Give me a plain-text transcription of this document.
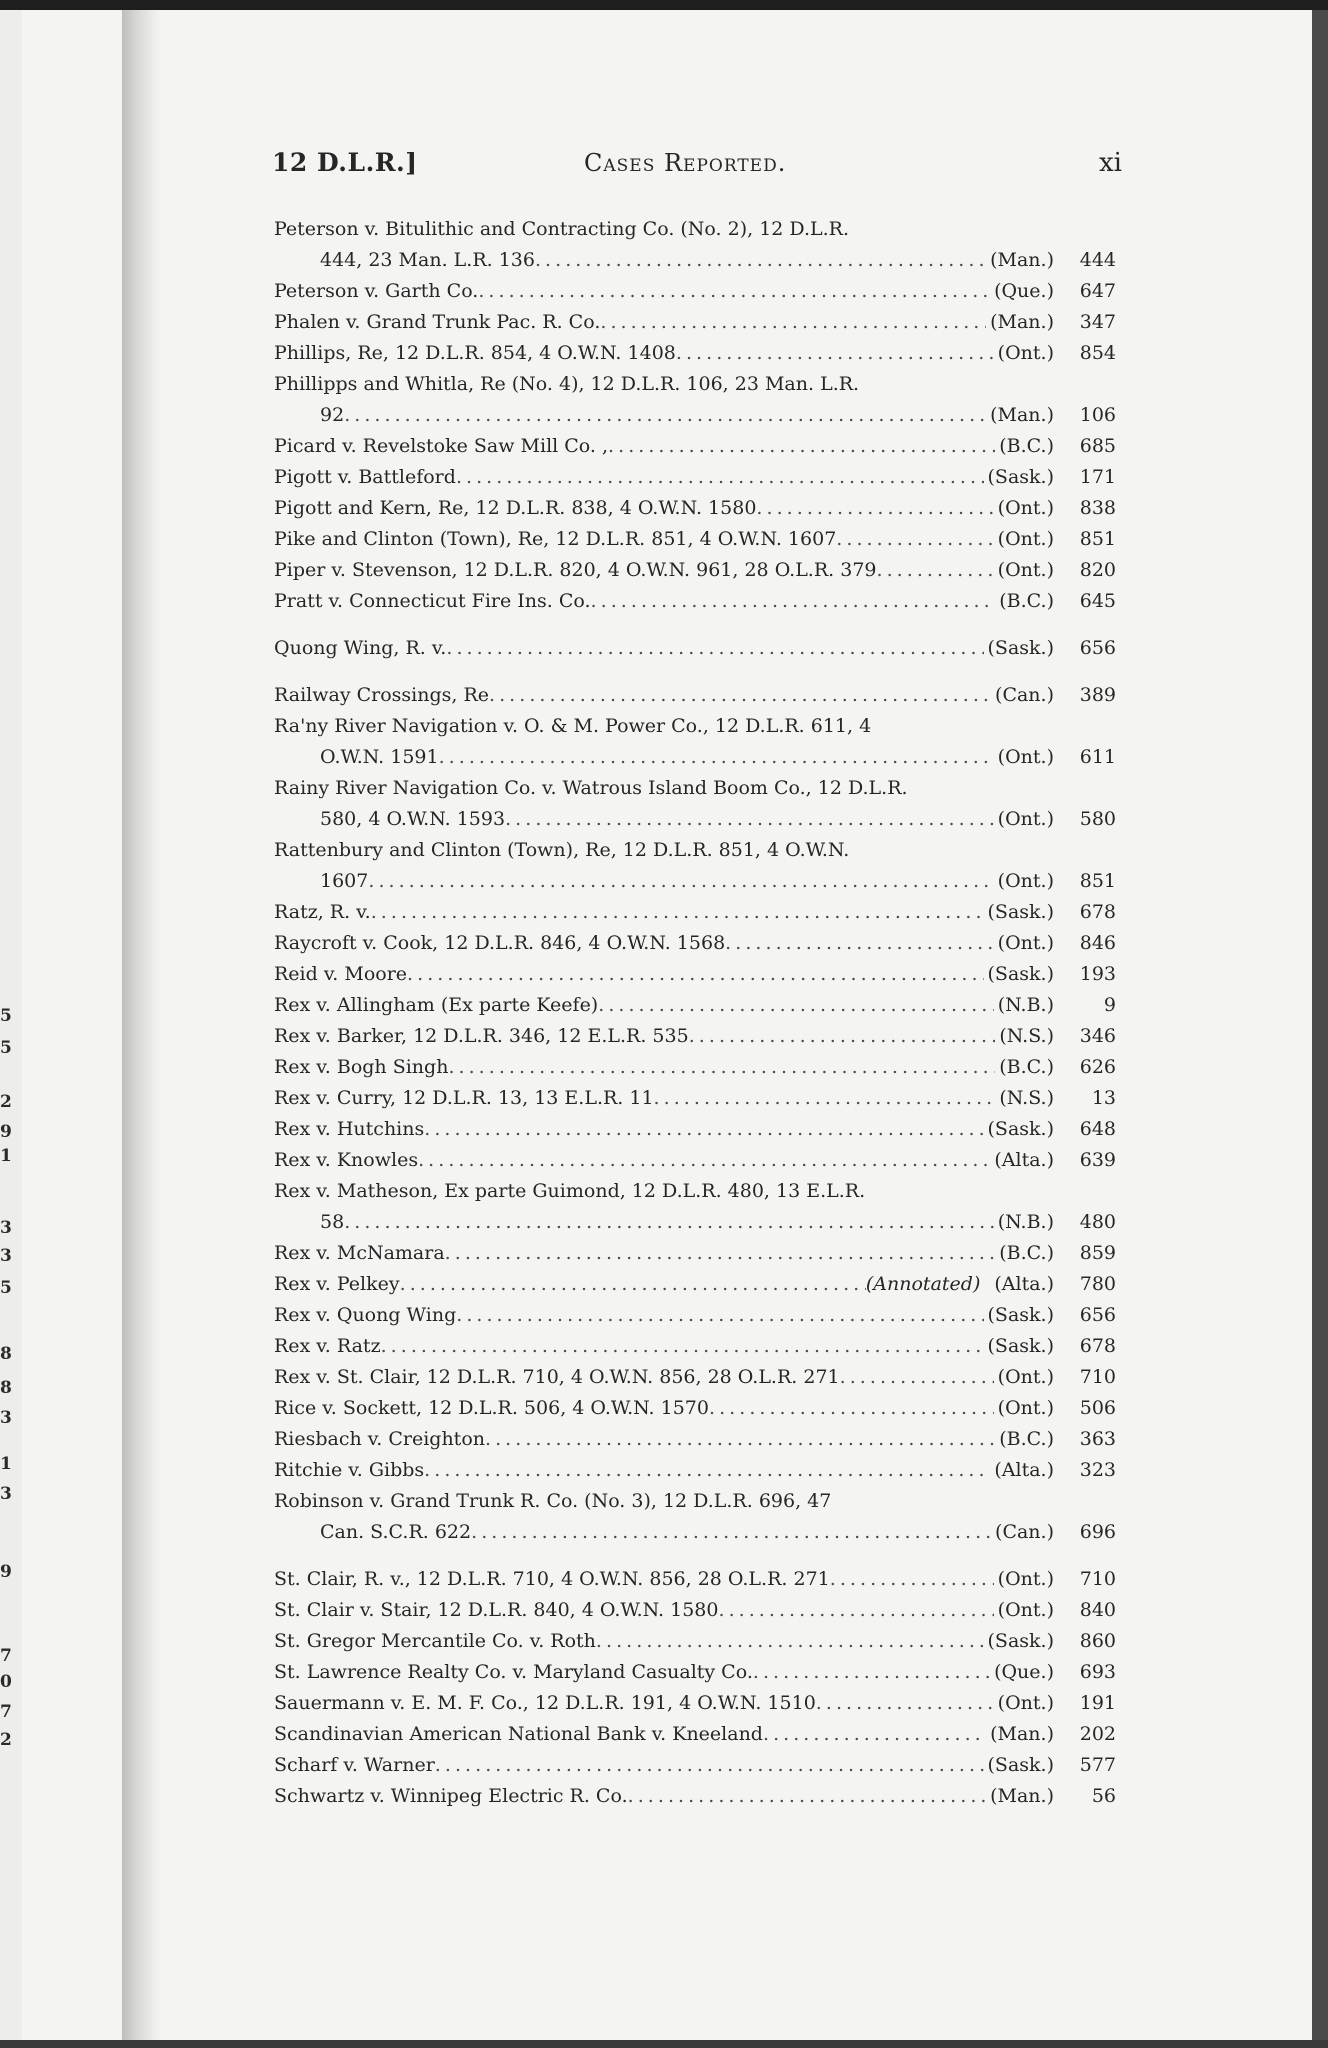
5
5
2
9
1
3
3
5
8
8
3
1
3
9
7
0
7
2
12 D.L.R.]	Cases Reported.	xi
Peterson v. Bitulithic and Contracting Co. (No. 2), 12 D.L.R.
444, 23 Man. L.R. 136 . . .	(Man.)	444
Peterson v. Garth Co. . . .	(Que.)	647
Phalen v. Grand Trunk Pac. R. Co. . . .	(Man.)	347
Phillips, Re, 12 D.L.R. 854, 4 O.W.N. 1408 . . .	(Ont.)	854
Phillipps and Whitla, Re (No. 4), 12 D.L.R. 106, 23 Man. L.R.
92 . . .	(Man.)	106
Picard v. Revelstoke Saw Mill Co. , . . .	(B.C.)	685
Pigott v. Battleford . . .	(Sask.)	171
Pigott and Kern, Re, 12 D.L.R. 838, 4 O.W.N. 1580 . . .	(Ont.)	838
Pike and Clinton (Town), Re, 12 D.L.R. 851, 4 O.W.N. 1607 . . .	(Ont.)	851
Piper v. Stevenson, 12 D.L.R. 820, 4 O.W.N. 961, 28 O.L.R. 379 . . .	(Ont.)	820
Pratt v. Connecticut Fire Ins. Co. . . .	(B.C.)	645
Quong Wing, R. v. . . .	(Sask.)	656
Railway Crossings, Re . . .	(Can.)	389
Ra'ny River Navigation v. O. & M. Power Co., 12 D.L.R. 611, 4
O.W.N. 1591 . . .	(Ont.)	611
Rainy River Navigation Co. v. Watrous Island Boom Co., 12 D.L.R.
580, 4 O.W.N. 1593 . . .	(Ont.)	580
Rattenbury and Clinton (Town), Re, 12 D.L.R. 851, 4 O.W.N.
1607 . . .	(Ont.)	851
Ratz, R. v. . . .	(Sask.)	678
Raycroft v. Cook, 12 D.L.R. 846, 4 O.W.N. 1568 . . .	(Ont.)	846
Reid v. Moore . . .	(Sask.)	193
Rex v. Allingham (Ex parte Keefe) . . .	(N.B.)	9
Rex v. Barker, 12 D.L.R. 346, 12 E.L.R. 535 . . .	(N.S.)	346
Rex v. Bogh Singh . . .	(B.C.)	626
Rex v. Curry, 12 D.L.R. 13, 13 E.L.R. 11 . . .	(N.S.)	13
Rex v. Hutchins . . .	(Sask.)	648
Rex v. Knowles . . .	(Alta.)	639
Rex v. Matheson, Ex parte Guimond, 12 D.L.R. 480, 13 E.L.R.
58 . . .	(N.B.)	480
Rex v. McNamara . . .	(B.C.)	859
Rex v. Pelkey . . .	(Annotated) (Alta.)	780
Rex v. Quong Wing . . .	(Sask.)	656
Rex v. Ratz . . .	(Sask.)	678
Rex v. St. Clair, 12 D.L.R. 710, 4 O.W.N. 856, 28 O.L.R. 271 . . .	(Ont.)	710
Rice v. Sockett, 12 D.L.R. 506, 4 O.W.N. 1570 . . .	(Ont.)	506
Riesbach v. Creighton . . .	(B.C.)	363
Ritchie v. Gibbs . . .	(Alta.)	323
Robinson v. Grand Trunk R. Co. (No. 3), 12 D.L.R. 696, 47
Can. S.C.R. 622 . . .	(Can.)	696
St. Clair, R. v., 12 D.L.R. 710, 4 O.W.N. 856, 28 O.L.R. 271 . . .	(Ont.)	710
St. Clair v. Stair, 12 D.L.R. 840, 4 O.W.N. 1580 . . .	(Ont.)	840
St. Gregor Mercantile Co. v. Roth . . .	(Sask.)	860
St. Lawrence Realty Co. v. Maryland Casualty Co. . . .	(Que.)	693
Sauermann v. E. M. F. Co., 12 D.L.R. 191, 4 O.W.N. 1510 . . .	(Ont.)	191
Scandinavian American National Bank v. Kneeland . . .	(Man.)	202
Scharf v. Warner . . .	(Sask.)	577
Schwartz v. Winnipeg Electric R. Co. . . .	(Man.)	56
